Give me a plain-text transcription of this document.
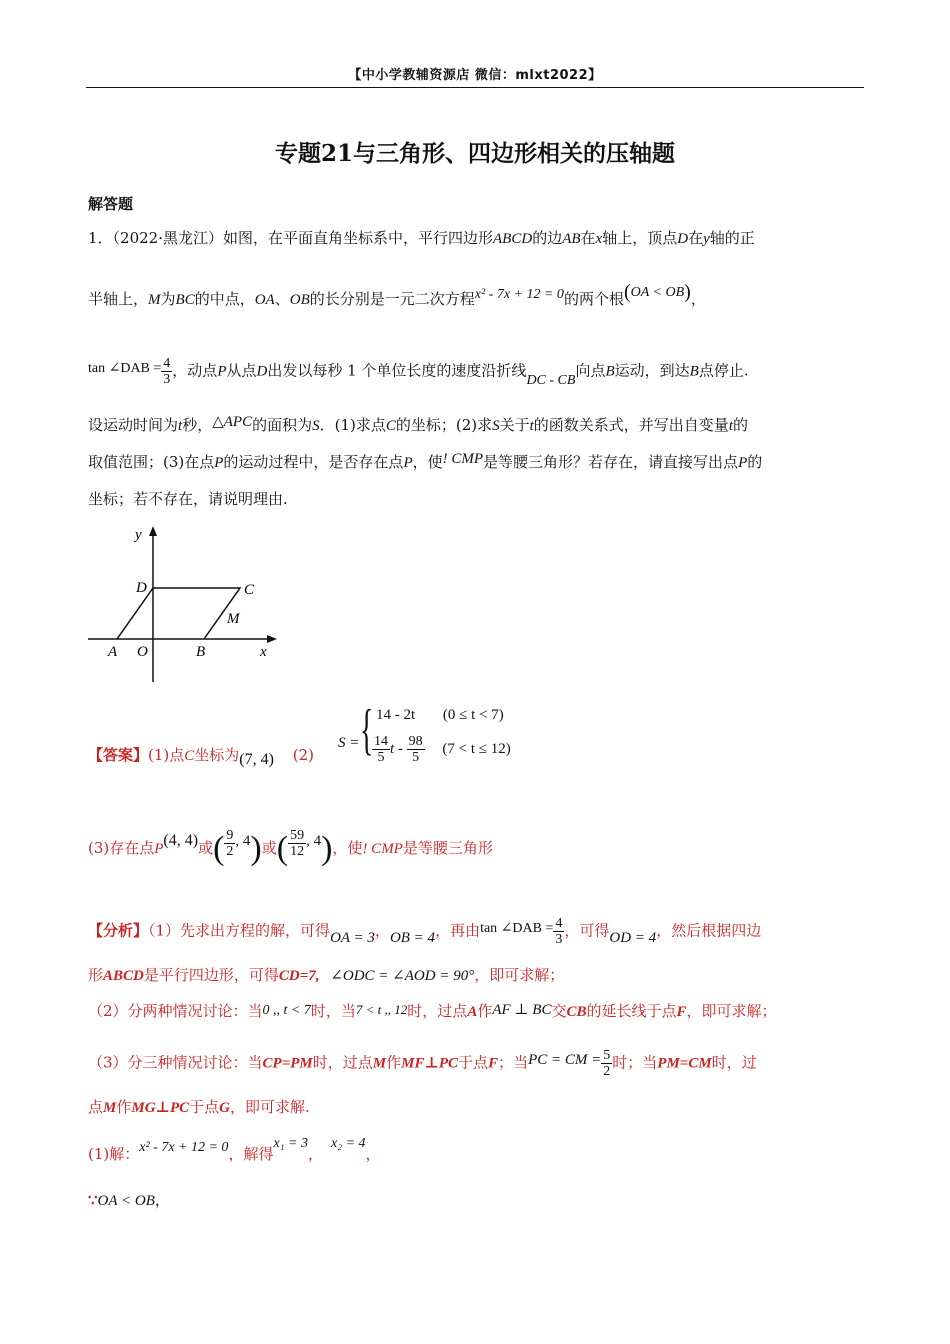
【中小学教辅资源店 微信：mlxt2022】
专题21与三角形、四边形相关的压轴题
解答题
1．（2022·黑龙江）如图，在平面直角坐标系中，平行四边形ABCD的边AB在x轴上，顶点D在y轴的正
半轴上，M为BC的中点，OA、OB的长分别是一元二次方程x² - 7x + 12 = 0的两个根(OA < OB)，
tan ∠DAB = $\frac{4}{3}$ ，动点P从点D出发以每秒 1 个单位长度的速度沿折线DC - CB向点B运动，到达B点停止.
设运动时间为t秒，△APC的面积为S．(1)求点C的坐标；(2)求S关于t的函数关系式，并写出自变量t的
取值范围；(3)在点P的运动过程中，是否存在点P，使! CMP是等腰三角形？若存在，请直接写出点P的
坐标；若不存在，请说明理由.
y
x
D	C
M
A O	B
【答案】(1)点C坐标为(7, 4) (2)
S = { 14 - 2t (0 ≤ t < 7)
$\frac{14}{5}$ $t - \frac{98}{5} (7 < t \le 12)$
(3)存在点P(4, 4)或( $\frac{9}{2}$ , 4)或( $\frac{59}{12}$ , 4)，使! CMP是等腰三角形
【分析】（1）先求出方程的解，可得OA = 3，OB = 4，再由tan ∠DAB = $\frac{4}{3}$ ，可得OD = 4，然后根据四边
形ABCD是平行四边形，可得CD=7, ∠ODC = ∠AOD = 90°，即可求解；
（2）分两种情况讨论：当0 ,, t < 7时，当7 < t ,, 12时，过点A作AF ⊥ BC交CB的延长线于点F，即可求解；
（3）分三种情况讨论：当CP=PM时，过点M作MF⊥PC于点F；当PC = CM = $\frac{5}{2}$ 时；当PM=CM时，过
点M作MG⊥PC于点G，即可求解.
(1)解：x² - 7x + 12 = 0，解得x₁ = 3，x₂ = 4，
∵OA < OB，
